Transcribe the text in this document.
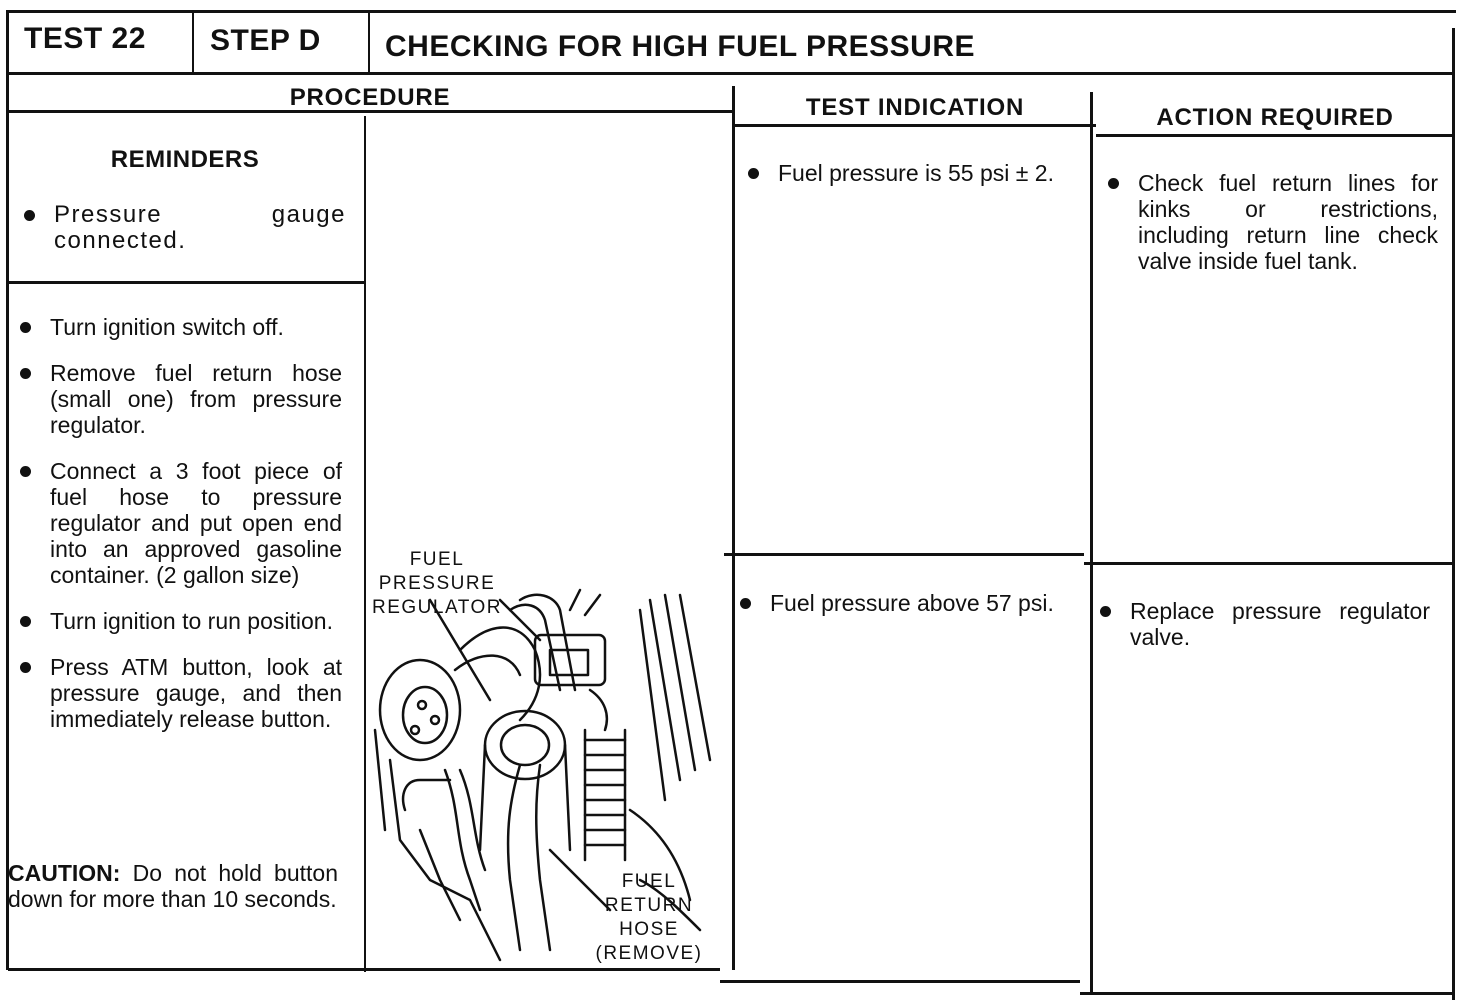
TEST 22 STEP D CHECKING FOR HIGH FUEL PRESSURE
PROCEDURE	TEST INDICATION	ACTION REQUIRED
REMINDERS
Pressure gauge connected.
Turn ignition switch off.
Remove fuel return hose (small one) from pressure regulator.
Connect a 3 foot piece of fuel hose to pressure regulator and put open end into an approved gasoline container. (2 gallon size)
Turn ignition to run position.
Press ATM button, look at pressure gauge, and then immediately release button.
CAUTION: Do not hold button down for more than 10 seconds.
FUEL PRESSURE REGULATOR
FUEL RETURN HOSE (REMOVE)
Fuel pressure is 55 psi ± 2.	Check fuel return lines for kinks or restrictions, including return line check valve inside fuel tank.
Fuel pressure above 57 psi.	Replace pressure regulator valve.
